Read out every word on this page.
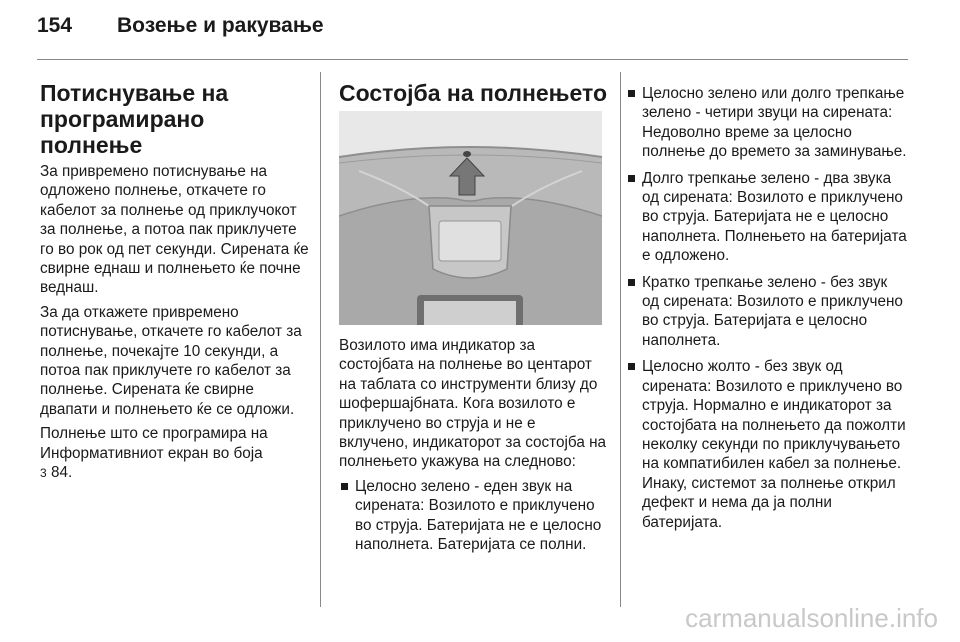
154 Возење и ракување
Потиснување на програмирано полнење

За привремено потиснување на одложено полнење, откачете го кабелот за полнење од приклучокот за полнење, а потоа пак приклучете го во рок од пет секунди. Сирената ќе свирне еднаш и полнењето ќе почне веднаш.

За да откажете привремено потиснување, откачете го кабелот за полнење, почекајте 10 секунди, а потоа пак приклучете го кабелот за полнење. Сирената ќе свирне двапати и полнењето ќе се одложи.

Полнење што се програмира на Информативниот екран во боја
3 84.

Состојба на полнењето

Возилото има индикатор за состојбата на полнење во центарот на таблата со инструменти близу до шофершајбната. Кога возилото е приклучено во струја и не е вклучено, индикаторот за состојба на полнењето укажува на следново:

Целосно зелено - еден звук на сирената: Возилото е приклучено во струја. Батеријата не е целосно наполнета. Батеријата се полни.
Целосно зелено или долго трепкање зелено - четири звуци на сирената: Недоволно време за целосно полнење до времето за заминување.
Долго трепкање зелено - два звука од сирената: Возилото е приклучено во струја. Батеријата не е целосно наполнета. Полнењето на батеријата е одложено.
Кратко трепкање зелено - без звук од сирената: Возилото е приклучено во струја. Батеријата е целосно наполнета.
Целосно жолто - без звук од сирената: Возилото е приклучено во струја. Нормално е индикаторот за состојбата на полнењето да пожолти неколку секунди по приклучувањето на компатибилен кабел за полнење. Инаку, системот за полнење открил дефект и нема да ја полни батеријата.
carmanualsonline.info
